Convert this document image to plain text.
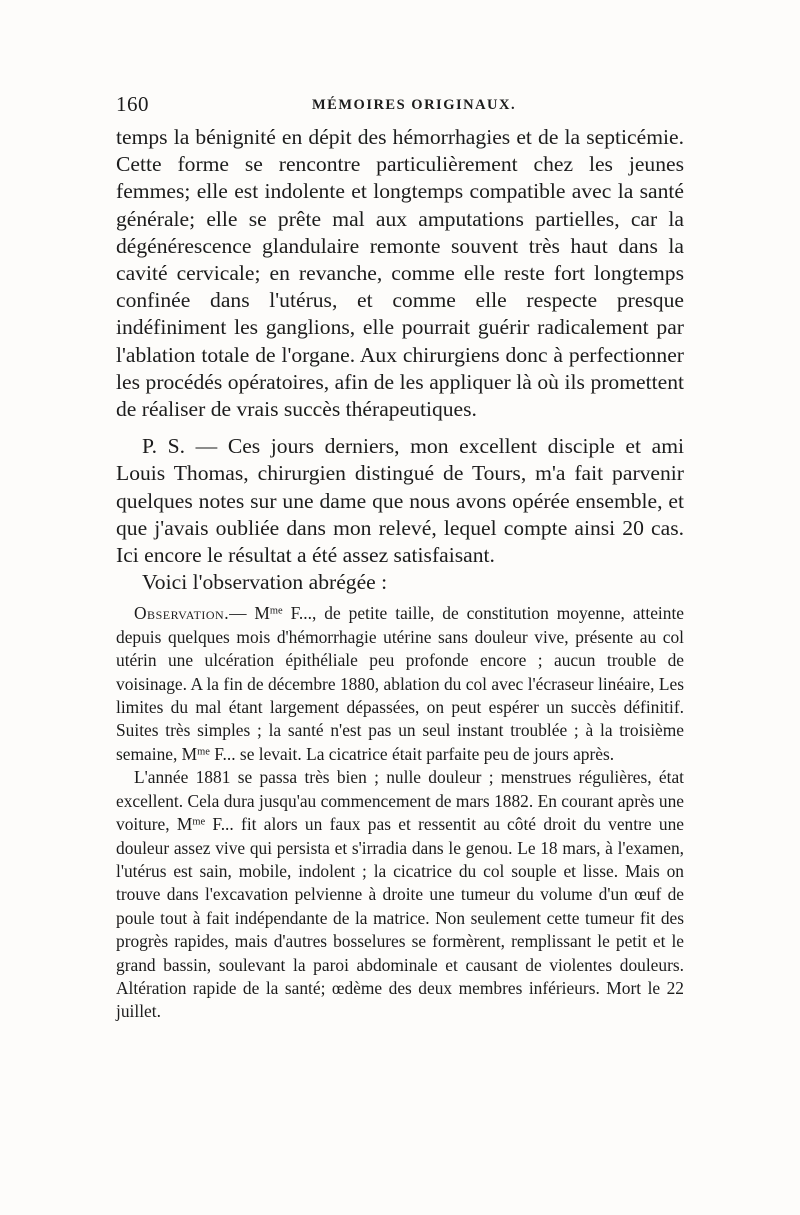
160	MÉMOIRES ORIGINAUX.

temps la bénignité en dépit des hémorrhagies et de la septicémie. Cette forme se rencontre particulièrement chez les jeunes femmes; elle est indolente et longtemps compatible avec la santé générale; elle se prête mal aux amputations partielles, car la dégénérescence glandulaire remonte souvent très haut dans la cavité cervicale; en revanche, comme elle reste fort longtemps confinée dans l'utérus, et comme elle respecte presque indéfiniment les ganglions, elle pourrait guérir radicalement par l'ablation totale de l'organe. Aux chirurgiens donc à perfectionner les procédés opératoires, afin de les appliquer là où ils promettent de réaliser de vrais succès thérapeutiques.

P. S. — Ces jours derniers, mon excellent disciple et ami Louis Thomas, chirurgien distingué de Tours, m'a fait parvenir quelques notes sur une dame que nous avons opérée ensemble, et que j'avais oubliée dans mon relevé, lequel compte ainsi 20 cas. Ici encore le résultat a été assez satisfaisant.

Voici l'observation abrégée :

Observation.— $M^{me}$ F..., de petite taille, de constitution moyenne, atteinte depuis quelques mois d'hémorrhagie utérine sans douleur vive, présente au col utérin une ulcération épithéliale peu profonde encore ; aucun trouble de voisinage. A la fin de décembre 1880, ablation du col avec l'écraseur linéaire, Les limites du mal étant largement dépassées, on peut espérer un succès définitif. Suites très simples ; la santé n'est pas un seul instant troublée ; à la troisième semaine, $M^{me}$ F... se levait. La cicatrice était parfaite peu de jours après.

L'année 1881 se passa très bien ; nulle douleur ; menstrues régulières, état excellent. Cela dura jusqu'au commencement de mars 1882. En courant après une voiture, $M^{me}$ F... fit alors un faux pas et ressentit au côté droit du ventre une douleur assez vive qui persista et s'irradia dans le genou. Le 18 mars, à l'examen, l'utérus est sain, mobile, indolent ; la cicatrice du col souple et lisse. Mais on trouve dans l'excavation pelvienne à droite une tumeur du volume d'un œuf de poule tout à fait indépendante de la matrice. Non seulement cette tumeur fit des progrès rapides, mais d'autres bosselures se formèrent, remplissant le petit et le grand bassin, soulevant la paroi abdominale et causant de violentes douleurs. Altération rapide de la santé; œdème des deux membres inférieurs. Mort le 22 juillet.
